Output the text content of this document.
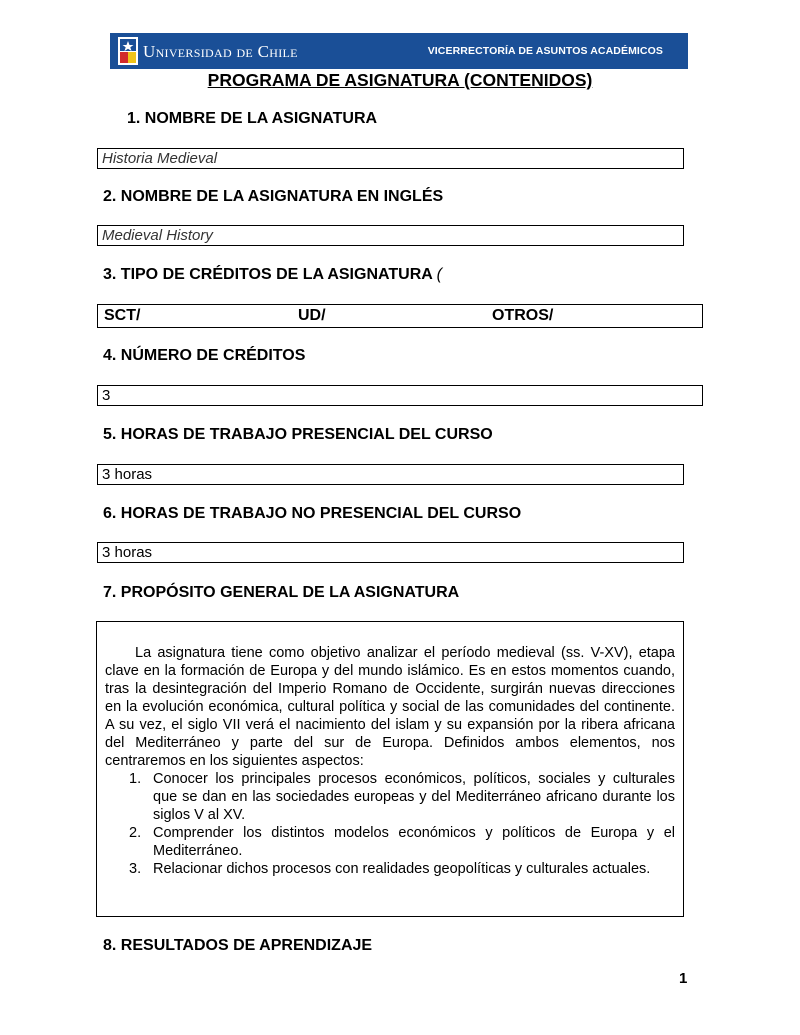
Universidad de Chile	VICERRECTORÍA DE ASUNTOS ACADÉMICOS
PROGRAMA DE ASIGNATURA (CONTENIDOS)
1. NOMBRE DE LA ASIGNATURA
Historia Medieval
2. NOMBRE DE LA ASIGNATURA EN INGLÉS
Medieval History
3. TIPO DE CRÉDITOS DE LA ASIGNATURA (
SCT/	UD/	OTROS/
4. NÚMERO DE CRÉDITOS
3
5. HORAS DE TRABAJO PRESENCIAL DEL CURSO
3 horas
6. HORAS DE TRABAJO NO PRESENCIAL DEL CURSO
3 horas
7. PROPÓSITO GENERAL DE LA ASIGNATURA

La asignatura tiene como objetivo analizar el período medieval (ss. V-XV), etapa clave en la formación de Europa y del mundo islámico. Es en estos momentos cuando, tras la desintegración del Imperio Romano de Occidente, surgirán nuevas direcciones en la evolución económica, cultural política y social de las comunidades del continente. A su vez, el siglo VII verá el nacimiento del islam y su expansión por la ribera africana del Mediterráneo y parte del sur de Europa. Definidos ambos elementos, nos centraremos en los siguientes aspectos:

1. Conocer los principales procesos económicos, políticos, sociales y culturales que se dan en las sociedades europeas y del Mediterráneo africano durante los siglos V al XV.
2. Comprender los distintos modelos económicos y políticos de Europa y el Mediterráneo.
3. Relacionar dichos procesos con realidades geopolíticas y culturales actuales.
8. RESULTADOS DE APRENDIZAJE
1
